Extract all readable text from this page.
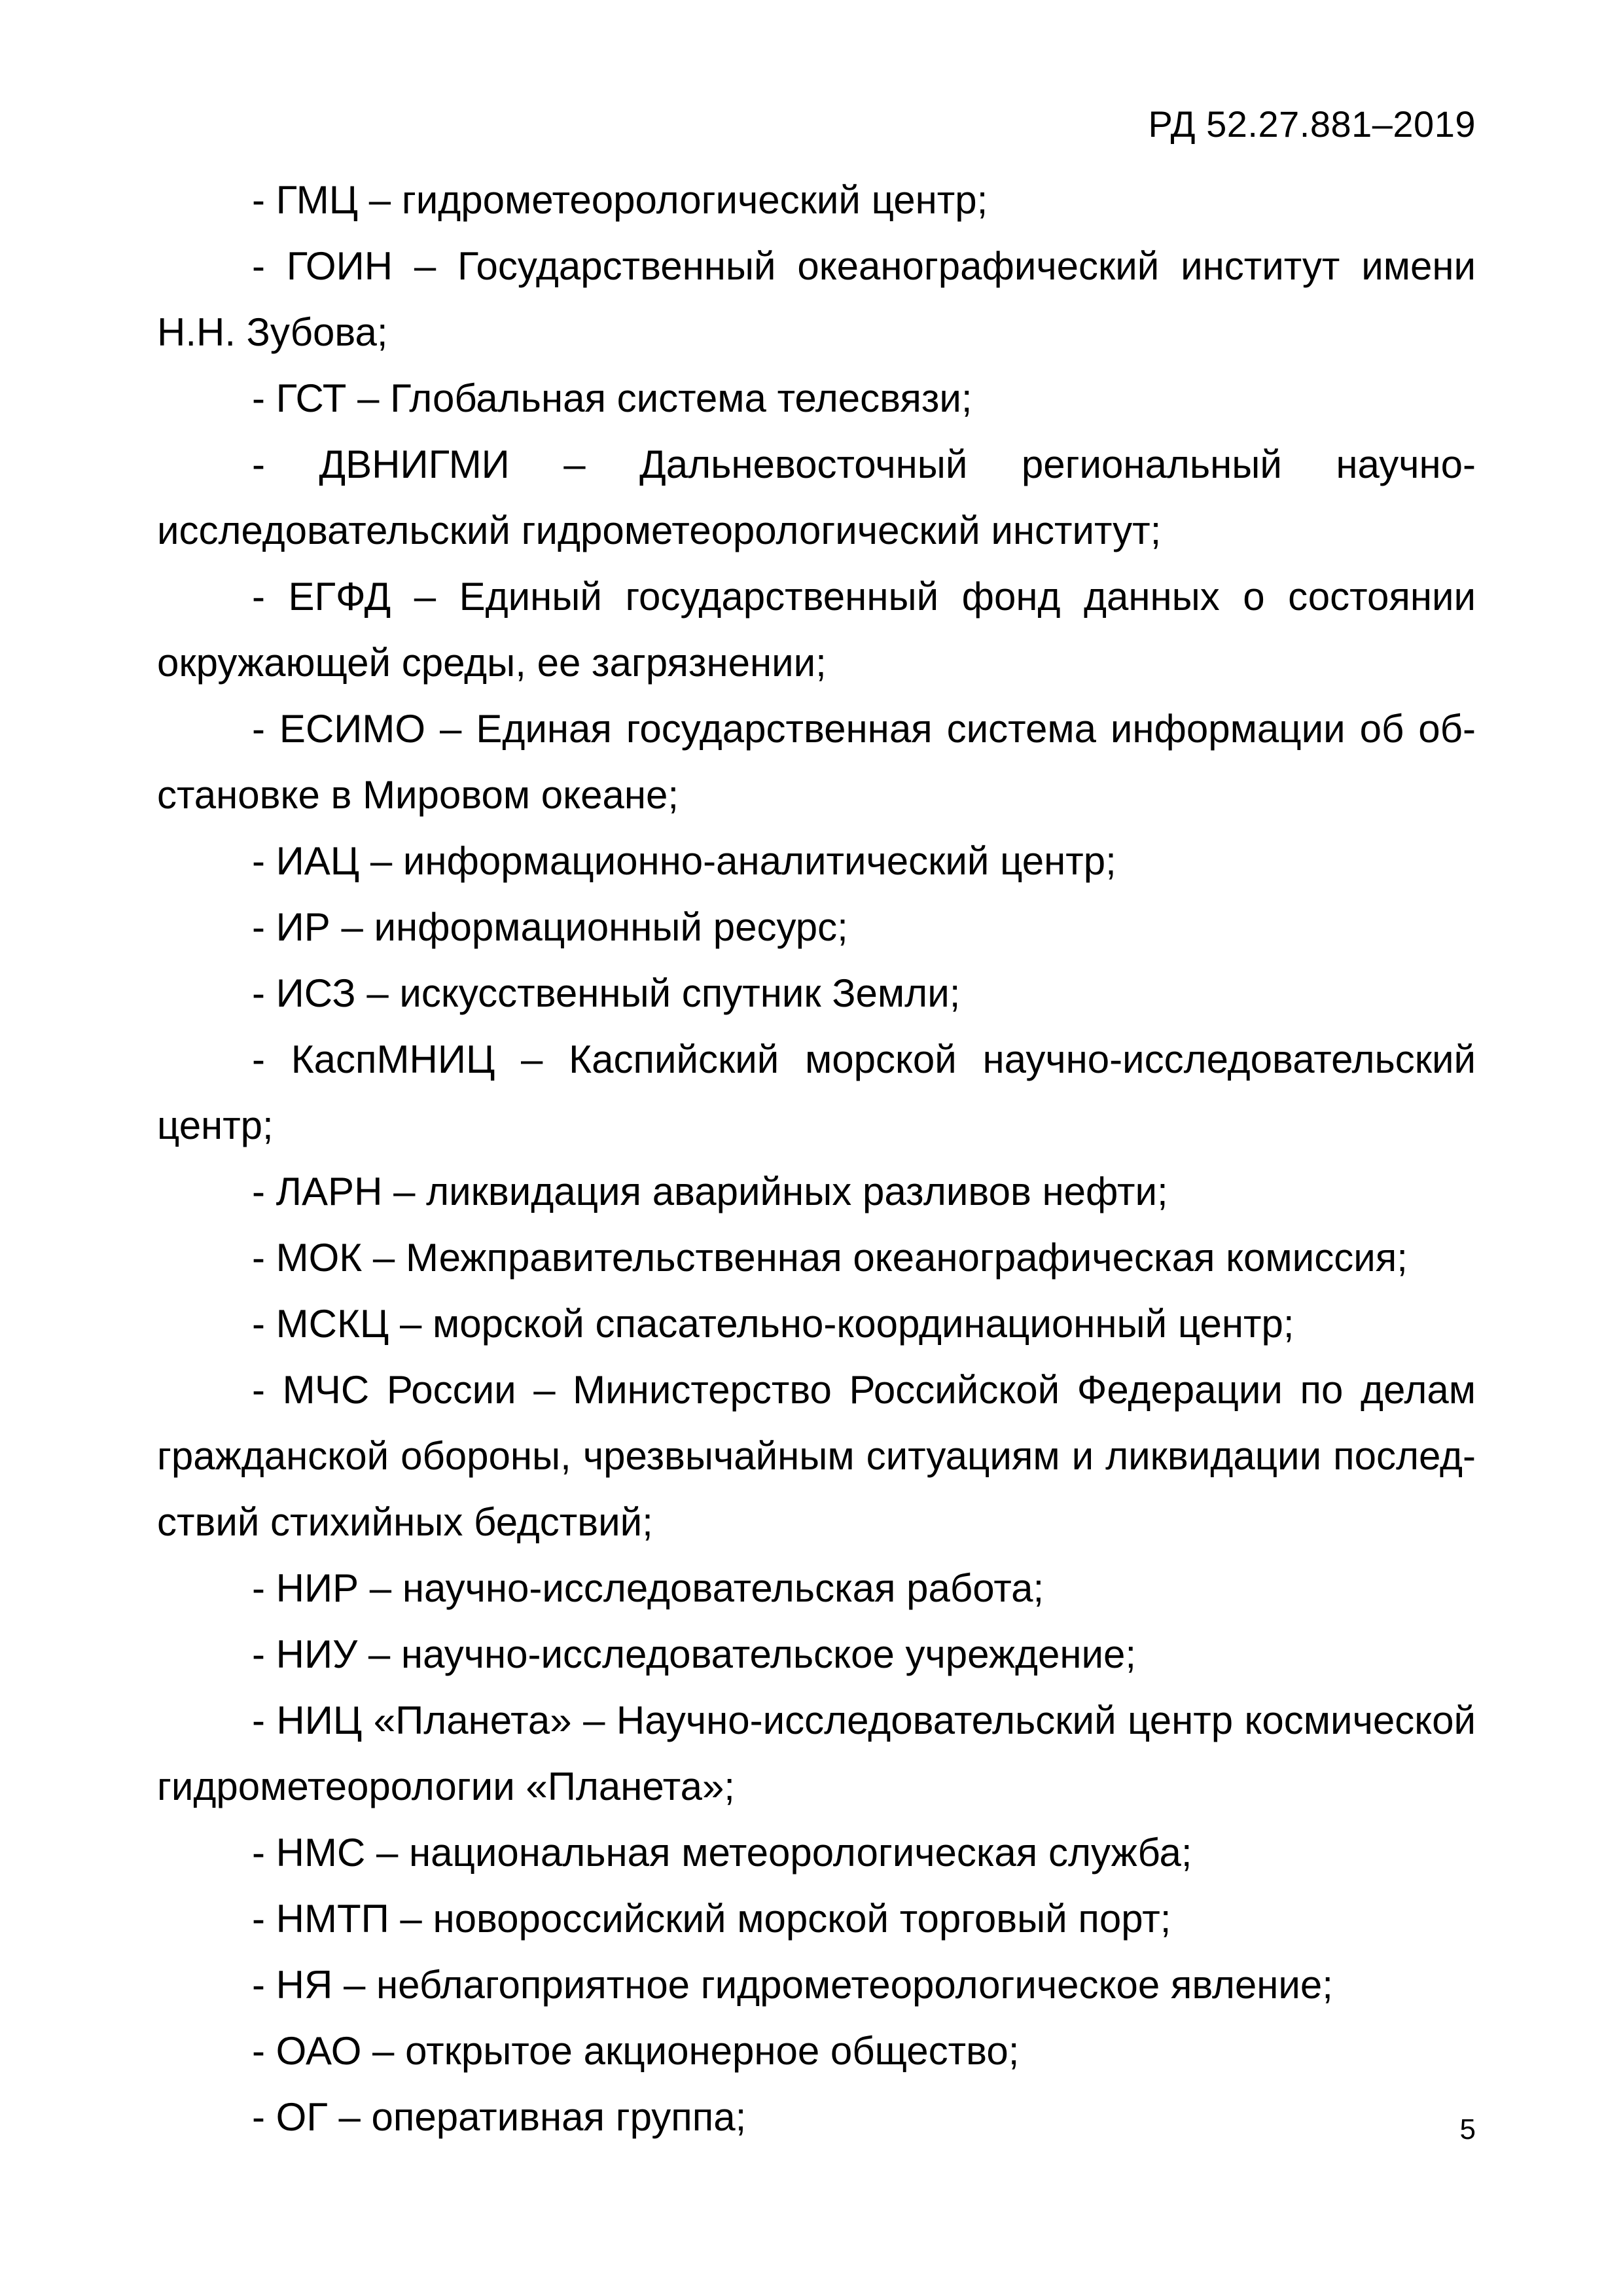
РД 52.27.881–2019
- ГМЦ – гидрометеорологический центр;
- ГОИН – Государственный океанографический институт имени Н.Н. Зубова;
- ГСТ – Глобальная система телесвязи;
- ДВНИГМИ – Дальневосточный региональный научно-исследовательский гидрометеорологический институт;
- ЕГФД – Единый государственный фонд данных о состоянии окружающей среды, ее загрязнении;
- ЕСИМО – Единая государственная система информации об обстановке в Мировом океане;
- ИАЦ – информационно-аналитический центр;
- ИР – информационный ресурс;
- ИСЗ – искусственный спутник Земли;
- КаспМНИЦ – Каспийский морской научно-исследовательский центр;
- ЛАРН – ликвидация аварийных разливов нефти;
- МОК – Межправительственная океанографическая комиссия;
- МСКЦ – морской спасательно-координационный центр;
- МЧС России – Министерство Российской Федерации по делам гражданской обороны, чрезвычайным ситуациям и ликвидации последствий стихийных бедствий;
- НИР – научно-исследовательская работа;
- НИУ – научно-исследовательское учреждение;
- НИЦ «Планета» – Научно-исследовательский центр космической гидрометеорологии «Планета»;
- НМС – национальная метеорологическая служба;
- НМТП – новороссийский морской торговый порт;
- НЯ – неблагоприятное гидрометеорологическое явление;
- ОАО – открытое акционерное общество;
- ОГ – оперативная группа;	5
